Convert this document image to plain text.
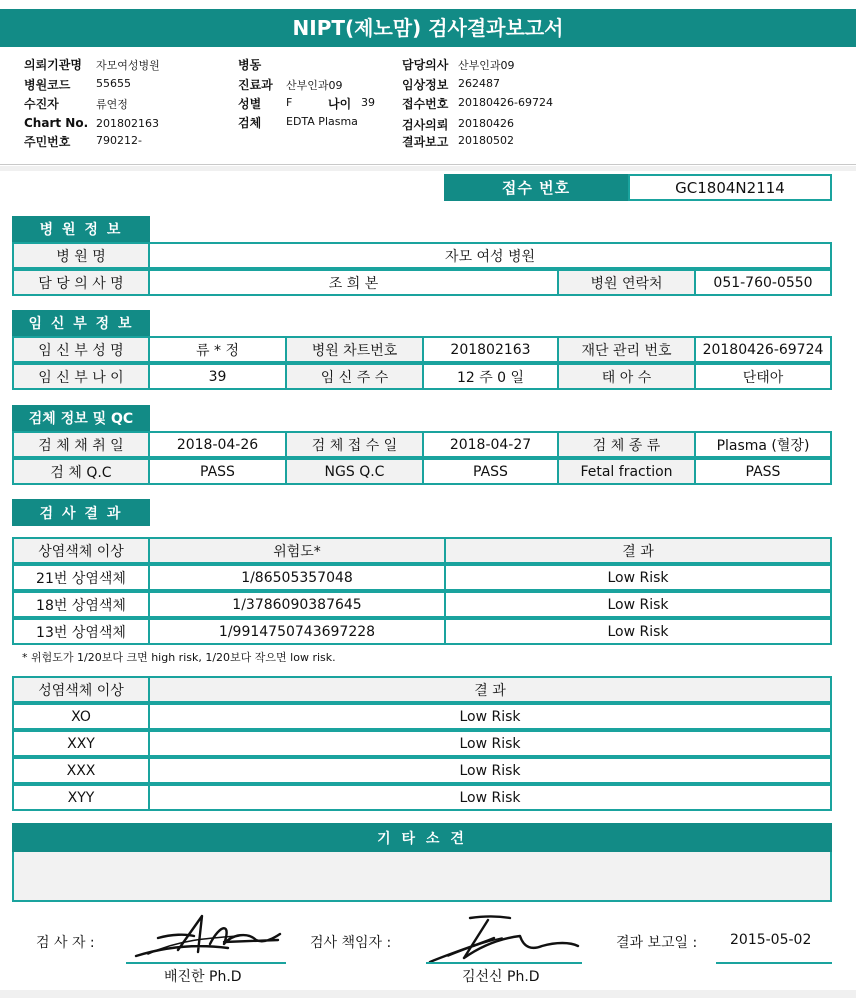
NIPT(제노맘) 검사결과보고서
의뢰기관명 자모여성병원
병원코드 55655
수진자	류연정
Chart No. 201802163
주민번호 790212-
병동
진료과 산부인과09
성별 F	나이 39
검체 EDTA Plasma
담당의사 산부인과09
임상정보 262487
접수번호 20180426-69724
검사의뢰 20180426
결과보고 20180502
접수 번호	GC1804N2114
병 원 정 보
병 원 명	자모 여성 병원
담 당 의 사 명	조 희 본	병원 연락처	051-760-0550
임 신 부 정 보
임 신 부 성 명	류 * 정	병원 차트번호	201802163	재단 관리 번호	20180426-69724
임 신 부 나 이	39	임 신 주 수	12 주 0 일	태 아 수	단태아
검체 정보 및 QC
검 체 채 취 일	2018-04-26	검 체 접 수 일	2018-04-27	검 체 종 류	Plasma (혈장)
검 체 Q.C	PASS	NGS Q.C	PASS	Fetal fraction	PASS
검 사 결 과
상염색체 이상	위험도*	결 과
21번 상염색체	1/86505357048	Low Risk
18번 상염색체	1/3786090387645	Low Risk
13번 상염색체	1/9914750743697228	Low Risk
* 위험도가 1/20보다 크면 high risk, 1/20보다 작으면 low risk.
성염색체 이상	결 과
XO	Low Risk
XXY	Low Risk
XXX	Low Risk
XYY	Low Risk
기 타 소 견
검 사 자 :
배진한 Ph.D
검사 책임자 :
김선신 Ph.D
결과 보고일 : 2015-05-02
